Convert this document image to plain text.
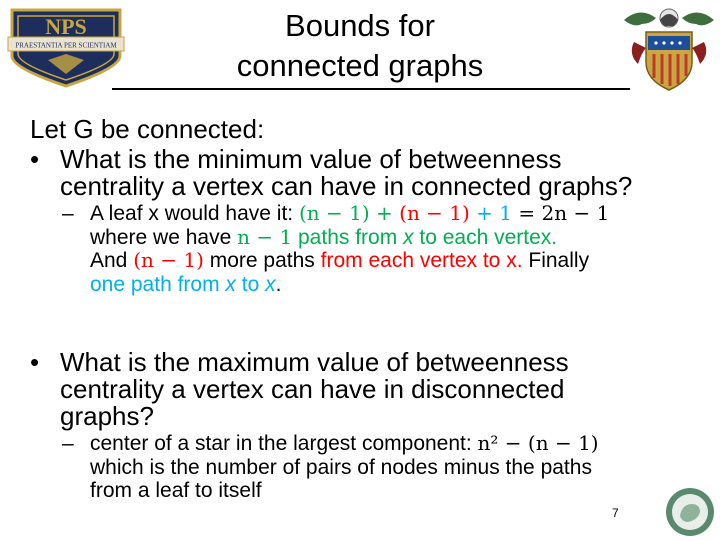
NPS
PRAESTANTIA PER SCIENTIAM
Bounds for
connected graphs

Let G be connected:

• What is the minimum value of betweenness
centrality a vertex can have in connected graphs?
– A leaf x would have it: (n − 1) + (n − 1) + 1 = 2n − 1
where we have n − 1 paths from x to each vertex.
And (n − 1) more paths from each vertex to x. Finally
one path from x to x.
• What is the maximum value of betweenness
centrality a vertex can have in disconnected
graphs?
– center of a star in the largest component: n² − (n − 1)
which is the number of pairs of nodes minus the paths
from a leaf to itself
7
